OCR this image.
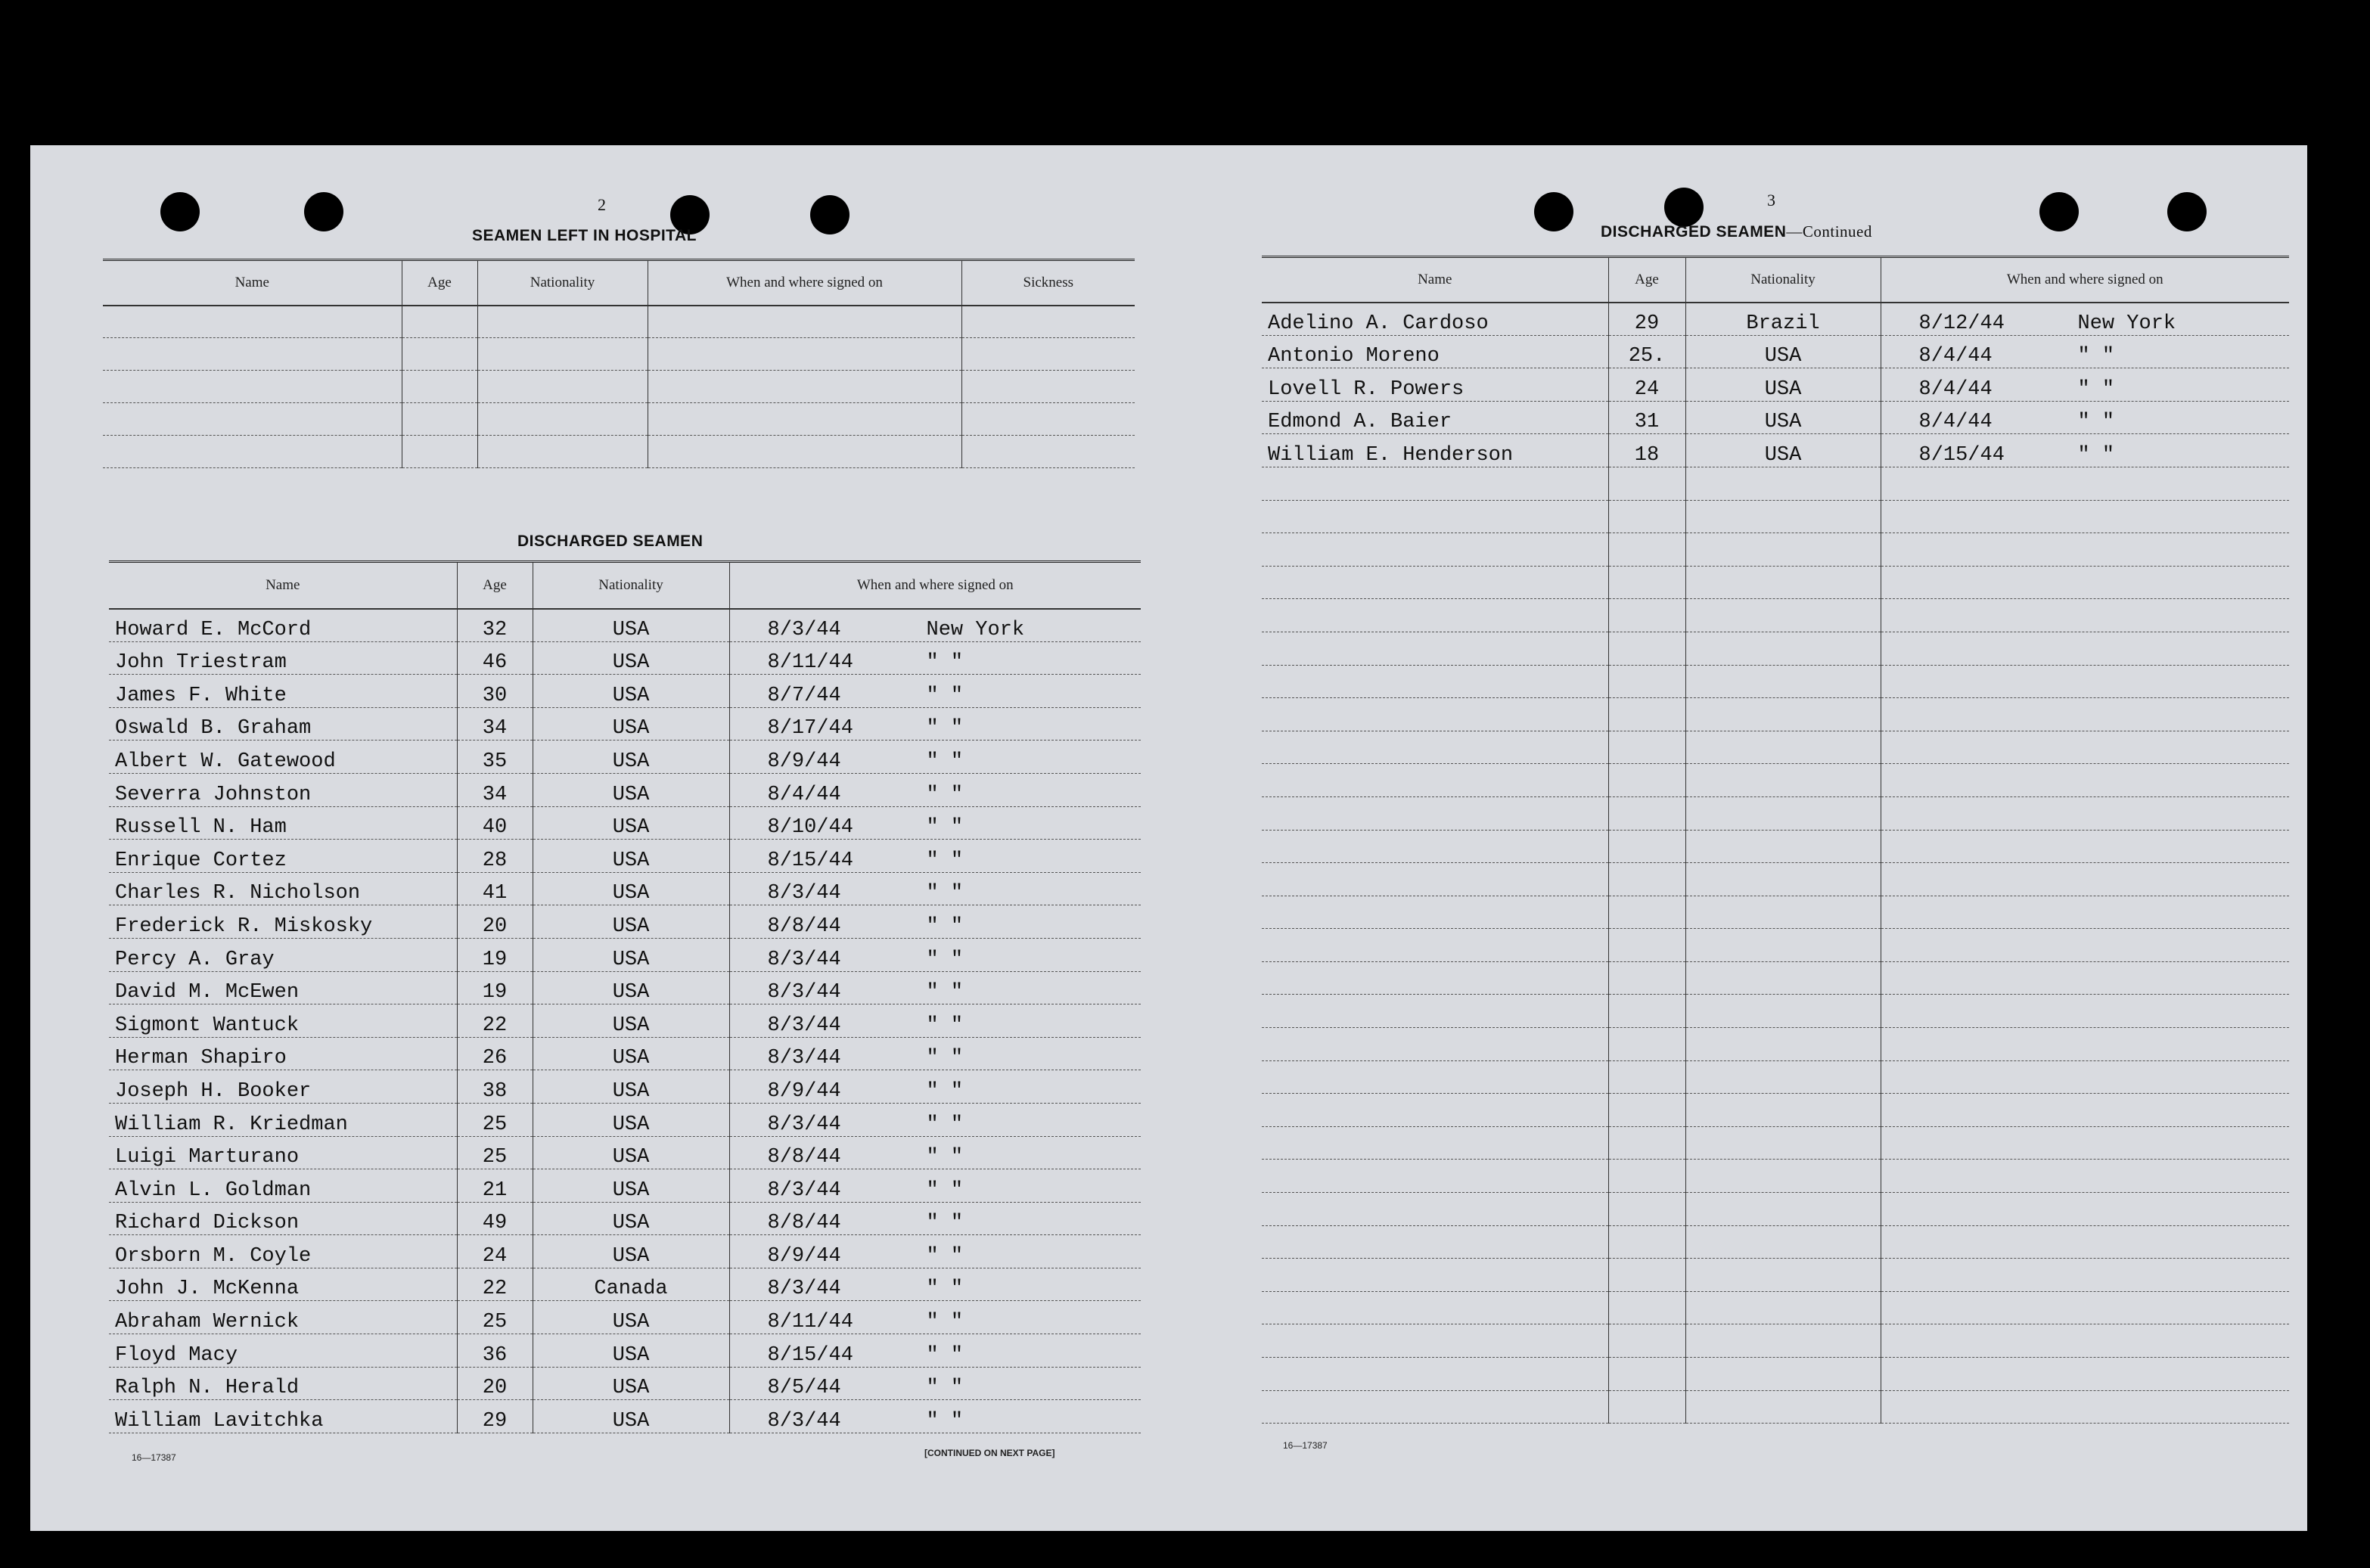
2
SEAMEN LEFT IN HOSPITAL
Name	Age	Nationality	When and where signed on	Sickness

DISCHARGED SEAMEN
Name	Age	Nationality	When and where signed on
Howard E. McCord	32	USA	8/3/44 New York
John Triestram	46	USA	8/11/44 " "
James F. White	30	USA	8/7/44 " "
Oswald B. Graham	34	USA	8/17/44 " "
Albert W. Gatewood	35	USA	8/9/44 " "
Severra Johnston	34	USA	8/4/44 " "
Russell N. Ham	40	USA	8/10/44 " "
Enrique Cortez	28	USA	8/15/44 " "
Charles R. Nicholson	41	USA	8/3/44 " "
Frederick R. Miskosky	20	USA	8/8/44 " "
Percy A. Gray	19	USA	8/3/44 " "
David M. McEwen	19	USA	8/3/44 " "
Sigmont Wantuck	22	USA	8/3/44 " "
Herman Shapiro	26	USA	8/3/44 " "
Joseph H. Booker	38	USA	8/9/44 " "
William R. Kriedman	25	USA	8/3/44 " "
Luigi Marturano	25	USA	8/8/44 " "
Alvin L. Goldman	21	USA	8/3/44 " "
Richard Dickson	49	USA	8/8/44 " "
Orsborn M. Coyle	24	USA	8/9/44 " "
John J. McKenna	22	Canada	8/3/44 " "
Abraham Wernick	25	USA	8/11/44 " "
Floyd Macy	36	USA	8/15/44 " "
Ralph N. Herald	20	USA	8/5/44 " "
William Lavitchka	29	USA	8/3/44 " "
16—17387	[CONTINUED ON NEXT PAGE]
3
DISCHARGED SEAMEN—Continued
Name	Age	Nationality	When and where signed on
Adelino A. Cardoso	29	Brazil	8/12/44 New York
Antonio Moreno	25.	USA	8/4/44 " "
Lovell R. Powers	24	USA	8/4/44 " "
Edmond A. Baier	31	USA	8/4/44 " "
William E. Henderson	18	USA	8/15/44 " "

16—17387
